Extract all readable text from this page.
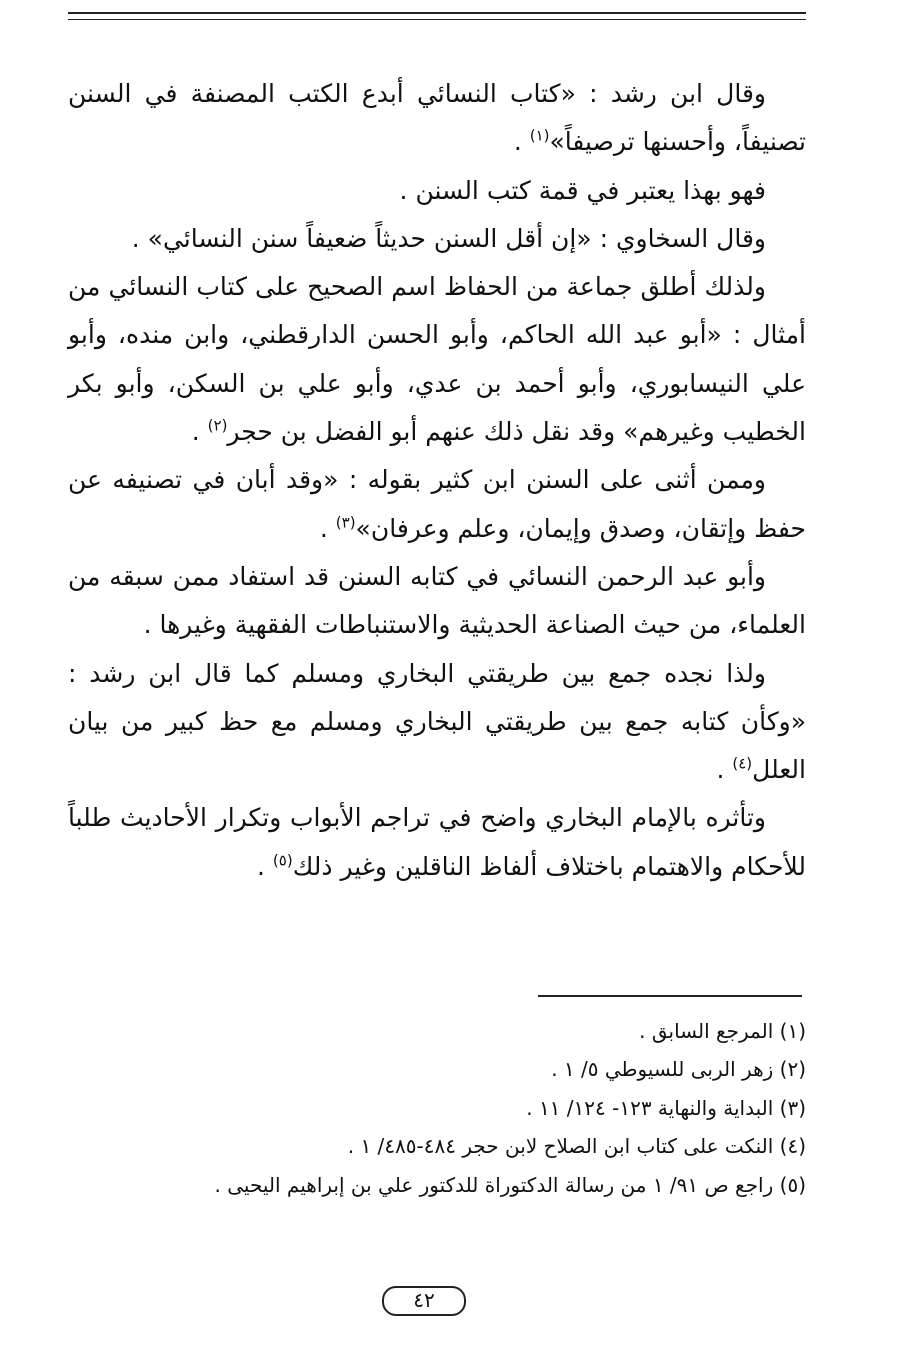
وقال ابن رشد : «كتاب النسائي أبدع الكتب المصنفة في السنن تصنيفاً، وأحسنها ترصيفاً»$^{(١)}$ .

فهو بهذا يعتبر في قمة كتب السنن .

وقال السخاوي : «إن أقل السنن حديثاً ضعيفاً سنن النسائي» .

ولذلك أطلق جماعة من الحفاظ اسم الصحيح على كتاب النسائي من أمثال : «أبو عبد الله الحاكم، وأبو الحسن الدارقطني، وابن منده، وأبو علي النيسابوري، وأبو أحمد بن عدي، وأبو علي بن السكن، وأبو بكر الخطيب وغيرهم» وقد نقل ذلك عنهم أبو الفضل بن حجر$^{(٢)}$ .

وممن أثنى على السنن ابن كثير بقوله : «وقد أبان في تصنيفه عن حفظ وإتقان، وصدق وإيمان، وعلم وعرفان»$^{(٣)}$ .

وأبو عبد الرحمن النسائي في كتابه السنن قد استفاد ممن سبقه من العلماء، من حيث الصناعة الحديثية والاستنباطات الفقهية وغيرها .

ولذا نجده جمع بين طريقتي البخاري ومسلم كما قال ابن رشد : «وكأن كتابه جمع بين طريقتي البخاري ومسلم مع حظ كبير من بيان العلل$^{(٤)}$ .

وتأثره بالإمام البخاري واضح في تراجم الأبواب وتكرار الأحاديث طلباً للأحكام والاهتمام باختلاف ألفاظ الناقلين وغير ذلك$^{(٥)}$ .

(١) المرجع السابق .

(٢) زهر الربى للسيوطي ٥/ ١ .

(٣) البداية والنهاية ١٢٣- ١٢٤/ ١١ .

(٤) النكت على كتاب ابن الصلاح لابن حجر ٤٨٤-٤٨٥/ ١ .

(٥) راجع ص ٩١/ ١ من رسالة الدكتوراة للدكتور علي بن إبراهيم اليحيى .

٤٢
